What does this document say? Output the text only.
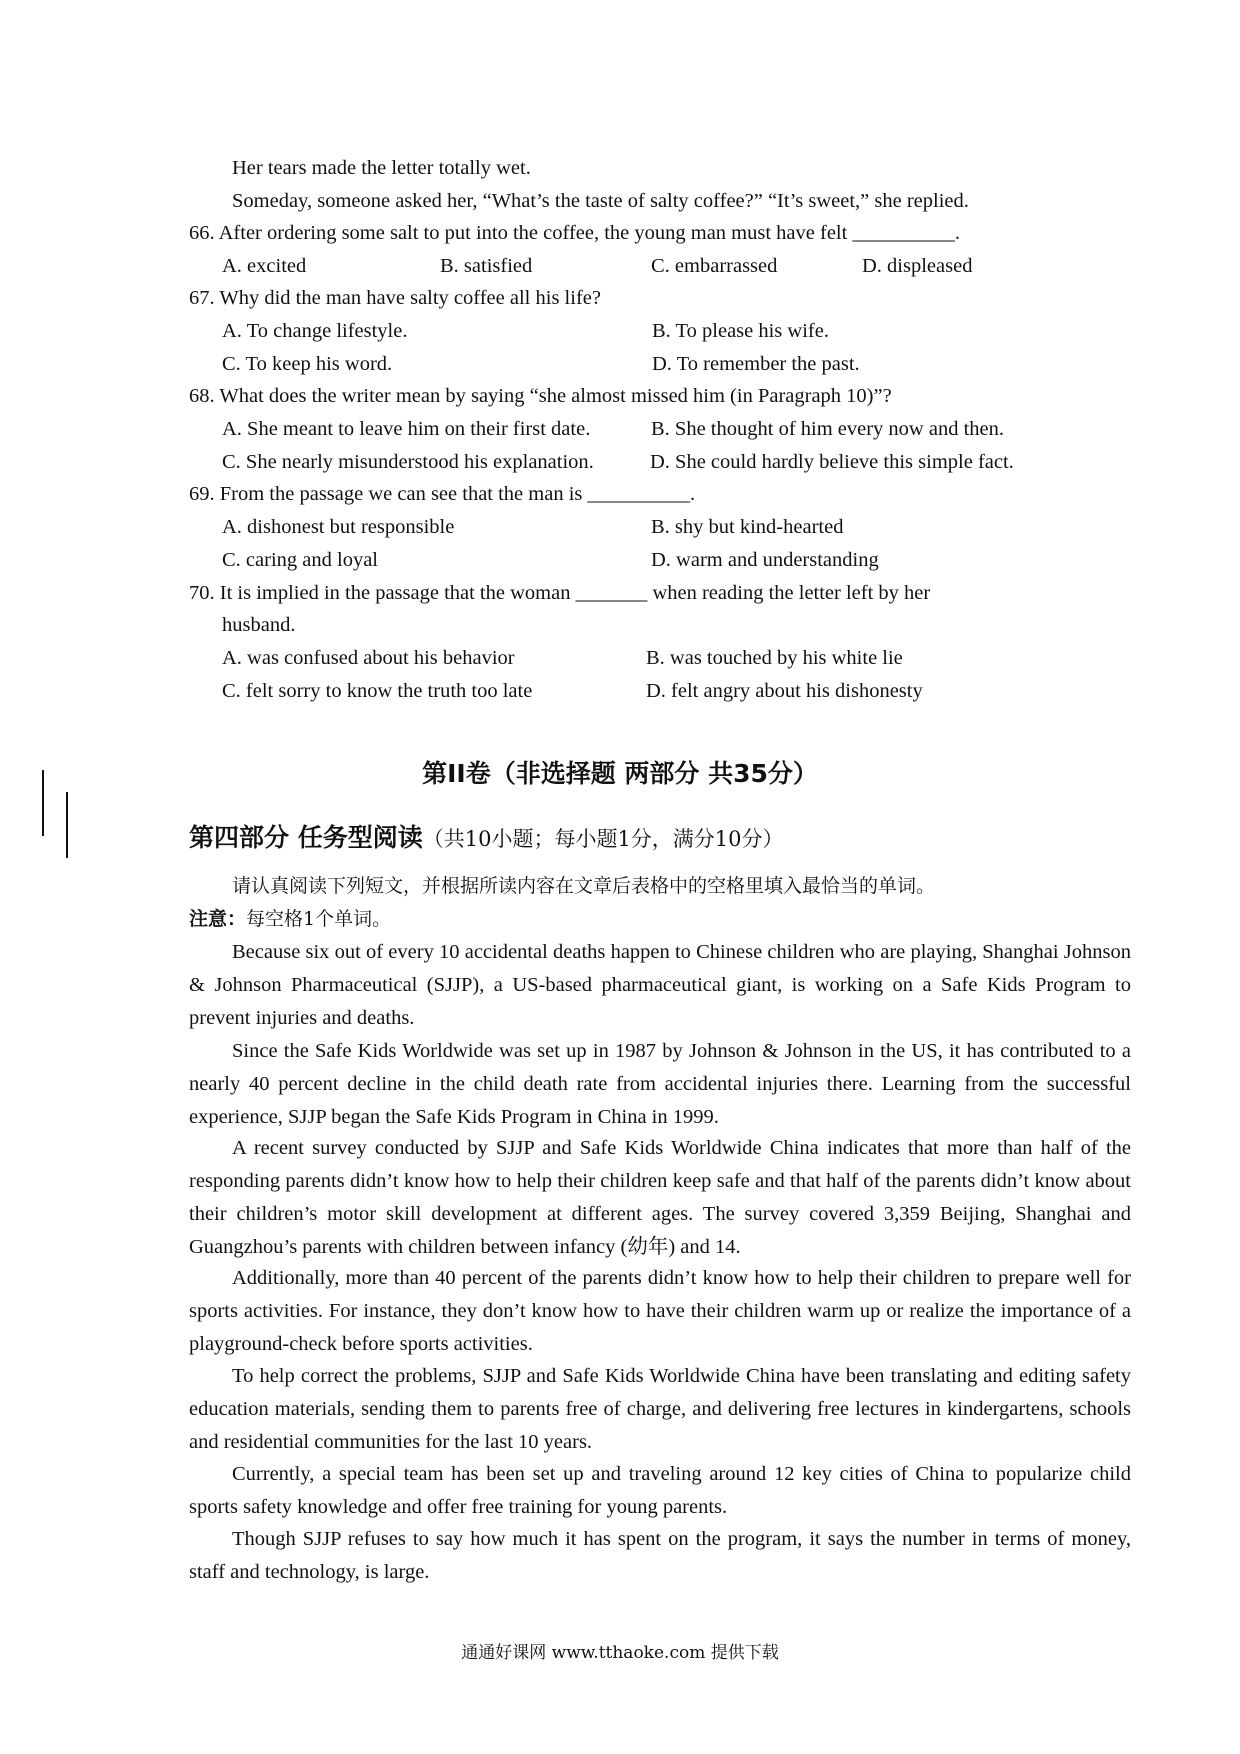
Her tears made the letter totally wet.
Someday, someone asked her, “What’s the taste of salty coffee?” “It’s sweet,” she replied.
66. After ordering some salt to put into the coffee, the young man must have felt __________.
A. excited	B. satisfied	C. embarrassed	D. displeased
67. Why did the man have salty coffee all his life?
A. To change lifestyle.	B. To please his wife.
C. To keep his word.	D. To remember the past.
68. What does the writer mean by saying “she almost missed him (in Paragraph 10)”?
A. She meant to leave him on their first date.	B. She thought of him every now and then.
C. She nearly misunderstood his explanation.	D. She could hardly believe this simple fact.
69. From the passage we can see that the man is __________.
A. dishonest but responsible	B. shy but kind-hearted
C. caring and loyal	D. warm and understanding
70. It is implied in the passage that the woman _______ when reading the letter left by her
husband.
A. was confused about his behavior	B. was touched by his white lie
C. felt sorry to know the truth too late	D. felt angry about his dishonesty
第II卷（非选择题 两部分 共35分）
第四部分 任务型阅读（共10小题；每小题1分，满分10分）
请认真阅读下列短文，并根据所读内容在文章后表格中的空格里填入最恰当的单词。
注意：每空格1个单词。
Because six out of every 10 accidental deaths happen to Chinese children who are playing, Shanghai Johnson & Johnson Pharmaceutical (SJJP), a US-based pharmaceutical giant, is working on a Safe Kids Program to prevent injuries and deaths.
Since the Safe Kids Worldwide was set up in 1987 by Johnson & Johnson in the US, it has contributed to a nearly 40 percent decline in the child death rate from accidental injuries there. Learning from the successful experience, SJJP began the Safe Kids Program in China in 1999.
A recent survey conducted by SJJP and Safe Kids Worldwide China indicates that more than half of the responding parents didn’t know how to help their children keep safe and that half of the parents didn’t know about their children’s motor skill development at different ages. The survey covered 3,359 Beijing, Shanghai and Guangzhou’s parents with children between infancy (幼年) and 14.
Additionally, more than 40 percent of the parents didn’t know how to help their children to prepare well for sports activities. For instance, they don’t know how to have their children warm up or realize the importance of a playground-check before sports activities.
To help correct the problems, SJJP and Safe Kids Worldwide China have been translating and editing safety education materials, sending them to parents free of charge, and delivering free lectures in kindergartens, schools and residential communities for the last 10 years.
Currently, a special team has been set up and traveling around 12 key cities of China to popularize child sports safety knowledge and offer free training for young parents.
Though SJJP refuses to say how much it has spent on the program, it says the number in terms of money, staff and technology, is large.
通通好课网 www.tthaoke.com 提供下载
